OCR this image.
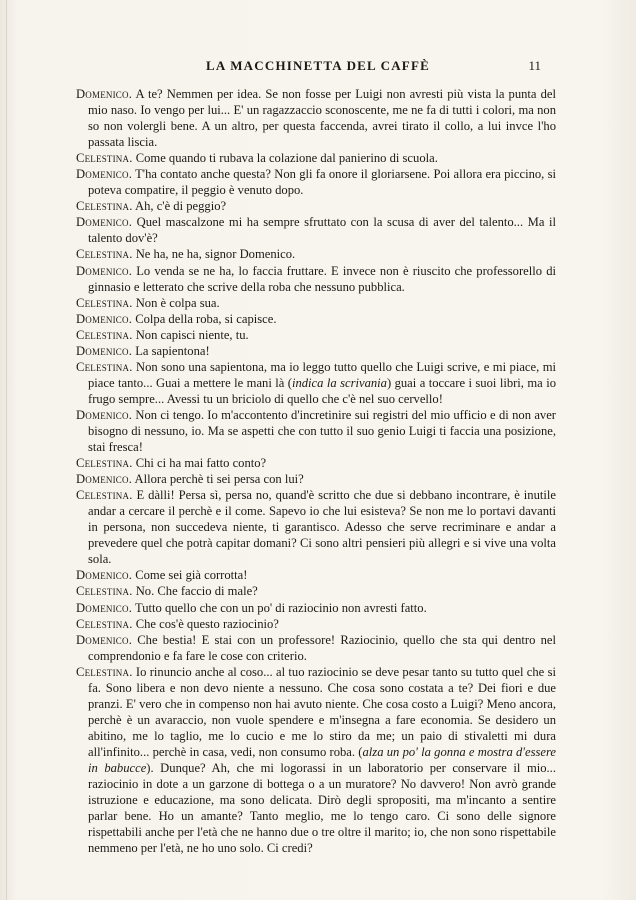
LA MACCHINETTA DEL CAFFÈ	11

Domenico. A te? Nemmen per idea. Se non fosse per Luigi non avresti più vista la punta del mio naso. Io vengo per lui... E' un ragazzaccio sconoscente, me ne fa di tutti i colori, ma non so non volergli bene. A un altro, per questa faccenda, avrei tirato il collo, a lui invce l'ho passata liscia.

Celestina. Come quando ti rubava la colazione dal panierino di scuola.

Domenico. T'ha contato anche questa? Non gli fa onore il gloriarsene. Poi allora era piccino, si poteva compatire, il peggio è venuto dopo.

Celestina. Ah, c'è di peggio?

Domenico. Quel mascalzone mi ha sempre sfruttato con la scusa di aver del talento... Ma il talento dov'è?

Celestina. Ne ha, ne ha, signor Domenico.

Domenico. Lo venda se ne ha, lo faccia fruttare. E invece non è riuscito che professorello di ginnasio e letterato che scrive della roba che nessuno pubblica.

Celestina. Non è colpa sua.

Domenico. Colpa della roba, si capisce.

Celestina. Non capisci niente, tu.

Domenico. La sapientona!

Celestina. Non sono una sapientona, ma io leggo tutto quello che Luigi scrive, e mi piace, mi piace tanto... Guai a mettere le mani là (indica la scrivania) guai a toccare i suoi libri, ma io frugo sempre... Avessi tu un briciolo di quello che c'è nel suo cervello!

Domenico. Non ci tengo. Io m'accontento d'incretinire sui registri del mio ufficio e di non aver bisogno di nessuno, io. Ma se aspetti che con tutto il suo genio Luigi ti faccia una posizione, stai fresca!

Celestina. Chi ci ha mai fatto conto?

Domenico. Allora perchè ti sei persa con lui?

Celestina. E dàlli! Persa sì, persa no, quand'è scritto che due si debbano incontrare, è inutile andar a cercare il perchè e il come. Sapevo io che lui esisteva? Se non me lo portavi davanti in persona, non succedeva niente, ti garantisco. Adesso che serve recriminare e andar a prevedere quel che potrà capitar domani? Ci sono altri pensieri più allegri e si vive una volta sola.

Domenico. Come sei già corrotta!

Celestina. No. Che faccio di male?

Domenico. Tutto quello che con un po' di raziocinio non avresti fatto.

Celestina. Che cos'è questo raziocinio?

Domenico. Che bestia! E stai con un professore! Raziocinio, quello che sta qui dentro nel comprendonio e fa fare le cose con criterio.

Celestina. Io rinuncio anche al coso... al tuo raziocinio se deve pesar tanto su tutto quel che si fa. Sono libera e non devo niente a nessuno. Che cosa sono costata a te? Dei fiori e due pranzi. E' vero che in compenso non hai avuto niente. Che cosa costo a Luigi? Meno ancora, perchè è un avaraccio, non vuole spendere e m'insegna a fare economia. Se desidero un abitino, me lo taglio, me lo cucio e me lo stiro da me; un paio di stivaletti mi dura all'infinito... perchè in casa, vedi, non consumo roba. (alza un po' la gonna e mostra d'essere in babucce). Dunque? Ah, che mi logorassi in un laboratorio per conservare il mio... raziocinio in dote a un garzone di bottega o a un muratore? No davvero! Non avrò grande istruzione e educazione, ma sono delicata. Dirò degli spropositi, ma m'incanto a sentire parlar bene. Ho un amante? Tanto meglio, me lo tengo caro. Ci sono delle signore rispettabili anche per l'età che ne hanno due o tre oltre il marito; io, che non sono rispettabile nemmeno per l'età, ne ho uno solo. Ci credi?
